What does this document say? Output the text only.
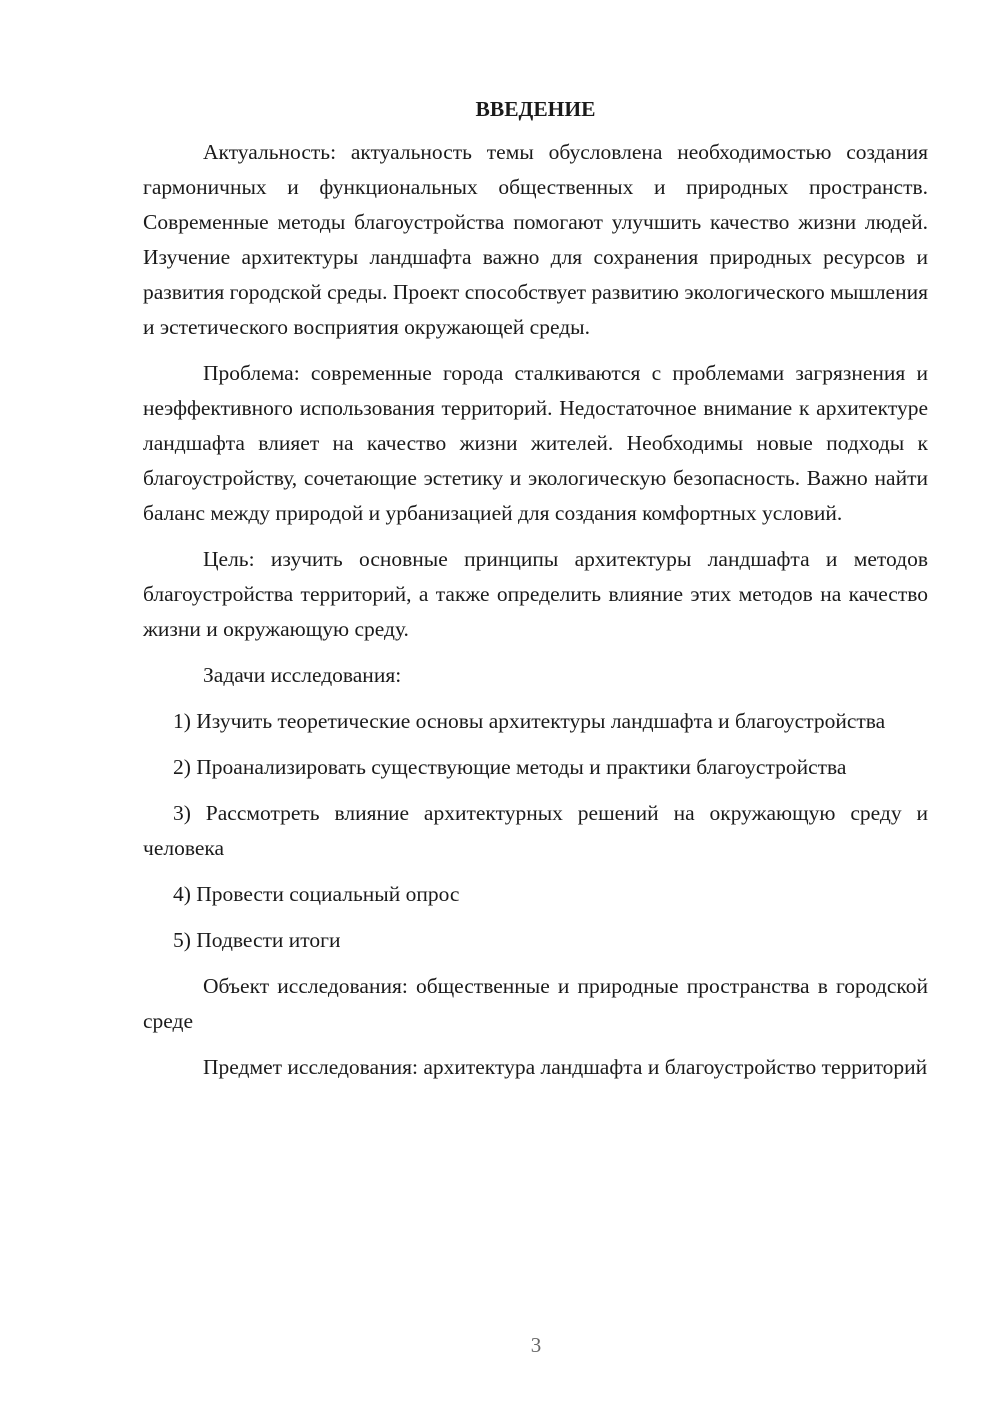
ВВЕДЕНИЕ

Актуальность: актуальность темы обусловлена необходимостью создания гармоничных и функциональных общественных и природных пространств. Современные методы благоустройства помогают улучшить качество жизни людей. Изучение архитектуры ландшафта важно для сохранения природных ресурсов и развития городской среды. Проект способствует развитию экологического мышления и эстетического восприятия окружающей среды.

Проблема: современные города сталкиваются с проблемами загрязнения и неэффективного использования территорий. Недостаточное внимание к архитектуре ландшафта влияет на качество жизни жителей. Необходимы новые подходы к благоустройству, сочетающие эстетику и экологическую безопасность. Важно найти баланс между природой и урбанизацией для создания комфортных условий.

Цель: изучить основные принципы архитектуры ландшафта и методов благоустройства территорий, а также определить влияние этих методов на качество жизни и окружающую среду.

Задачи исследования:

1) Изучить теоретические основы архитектуры ландшафта и благоустройства

2) Проанализировать существующие методы и практики благоустройства

3) Рассмотреть влияние архитектурных решений на окружающую среду и человека

4) Провести социальный опрос

5) Подвести итоги

Объект исследования: общественные и природные пространства в городской среде

Предмет исследования: архитектура ландшафта и благоустройство территорий

3
